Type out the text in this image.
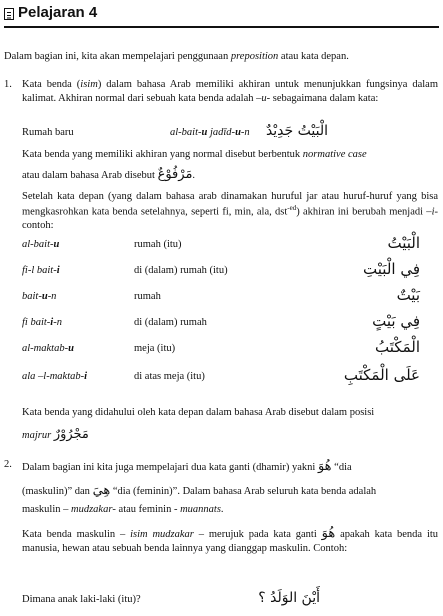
Pelajaran 4
Dalam bagian ini, kita akan mempelajari penggunaan preposition atau kata depan.
1. Kata benda (isim) dalam bahasa Arab memiliki akhiran untuk menunjukkan fungsinya dalam kalimat. Akhiran normal dari sebuah kata benda adalah –u- sebagaimana dalam kata:
Rumah baru	al-bait-u jadīd-u-n الْبَيْتُ جَدِيْدٌ
Kata benda yang memiliki akhiran yang normal disebut berbentuk normative case
atau dalam bahasa Arab disebut مَرْفُوْعٌ.
Setelah kata depan (yang dalam bahasa arab dinamakan huruful jar atau huruf-huruf yang bisa mengkasrohkan kata benda setelahnya, seperti fi, min, ala, dst$^{-ed}$) akhiran ini berubah menjadi –i- contoh:
al-bait-u	rumah (itu)	الْبَيْتُ
fi-l bait-i	di (dalam) rumah (itu)	فِي الْبَيْتِ
bait-u-n	rumah	بَيْتٌ
fi bait-i-n	di (dalam) rumah	فِي بَيْتٍ
al-maktab-u	meja (itu)	الْمَكْتَبُ
ala –l-maktab-i	di atas meja (itu)	عَلَى الْمَكْتَبِ
Kata benda yang didahului oleh kata depan dalam bahasa Arab disebut dalam posisi
majrur مَجْرُوْرٌ
2. Dalam bagian ini kita juga mempelajari dua kata ganti (dhamir) yakni هُوَ “dia
(maskulin)” dan هِيَ “dia (feminin)”. Dalam bahasa Arab seluruh kata benda adalah
maskulin – mudzakar- atau feminin - muannats.
Kata benda maskulin – isim mudzakar – merujuk pada kata ganti هُوَ apakah kata benda itu manusia, hewan atau sebuah benda lainnya yang dianggap maskulin. Contoh:
Dimana anak laki-laki (itu)?	أَيْنَ الوَلَدُ ؟
